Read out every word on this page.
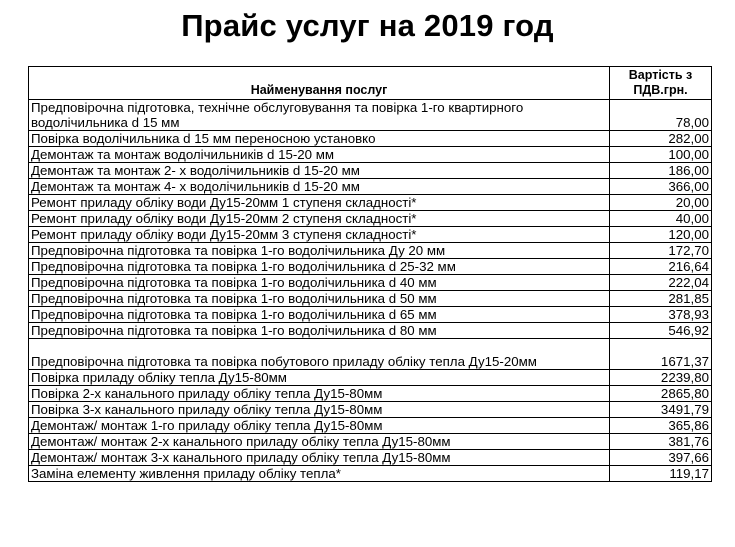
Прайс услуг на 2019 год
Найменування послуг	Вартість з ПДВ.грн.
Предповірочна підготовка, технічне обслуговування та повірка 1-го квартирного водолічильника d 15 мм	78,00
Повірка водолічильника d 15 мм переносною установко	282,00
Демонтаж та монтаж водолічильників d 15-20 мм	100,00
Демонтаж та монтаж 2- х водолічильників d 15-20 мм	186,00
Демонтаж та монтаж 4- х водолічильників d 15-20 мм	366,00
Ремонт приладу обліку води Ду15-20мм 1 ступеня складності*	20,00
Ремонт приладу обліку води Ду15-20мм 2 ступеня складності*	40,00
Ремонт приладу обліку води Ду15-20мм 3 ступеня складності*	120,00
Предповірочна підготовка та повірка 1-го водолічильника Ду 20 мм	172,70
Предповірочна підготовка та повірка 1-го водолічильника d 25-32 мм	216,64
Предповірочна підготовка та повірка 1-го водолічильника d 40 мм	222,04
Предповірочна підготовка та повірка 1-го водолічильника d 50 мм	281,85
Предповірочна підготовка та повірка 1-го водолічильника d 65 мм	378,93
Предповірочна підготовка та повірка 1-го водолічильника d 80 мм	546,92
Предповірочна підготовка та повірка побутового приладу обліку тепла Ду15-20мм	1671,37
Повірка приладу обліку тепла Ду15-80мм	2239,80
Повірка 2-х канального приладу обліку тепла Ду15-80мм	2865,80
Повірка 3-х канального приладу обліку тепла Ду15-80мм	3491,79
Демонтаж/ монтаж 1-го приладу обліку тепла Ду15-80мм	365,86
Демонтаж/ монтаж 2-х канального приладу обліку тепла Ду15-80мм	381,76
Демонтаж/ монтаж 3-х канального приладу обліку тепла Ду15-80мм	397,66
Заміна елементу живлення приладу обліку тепла*	119,17
